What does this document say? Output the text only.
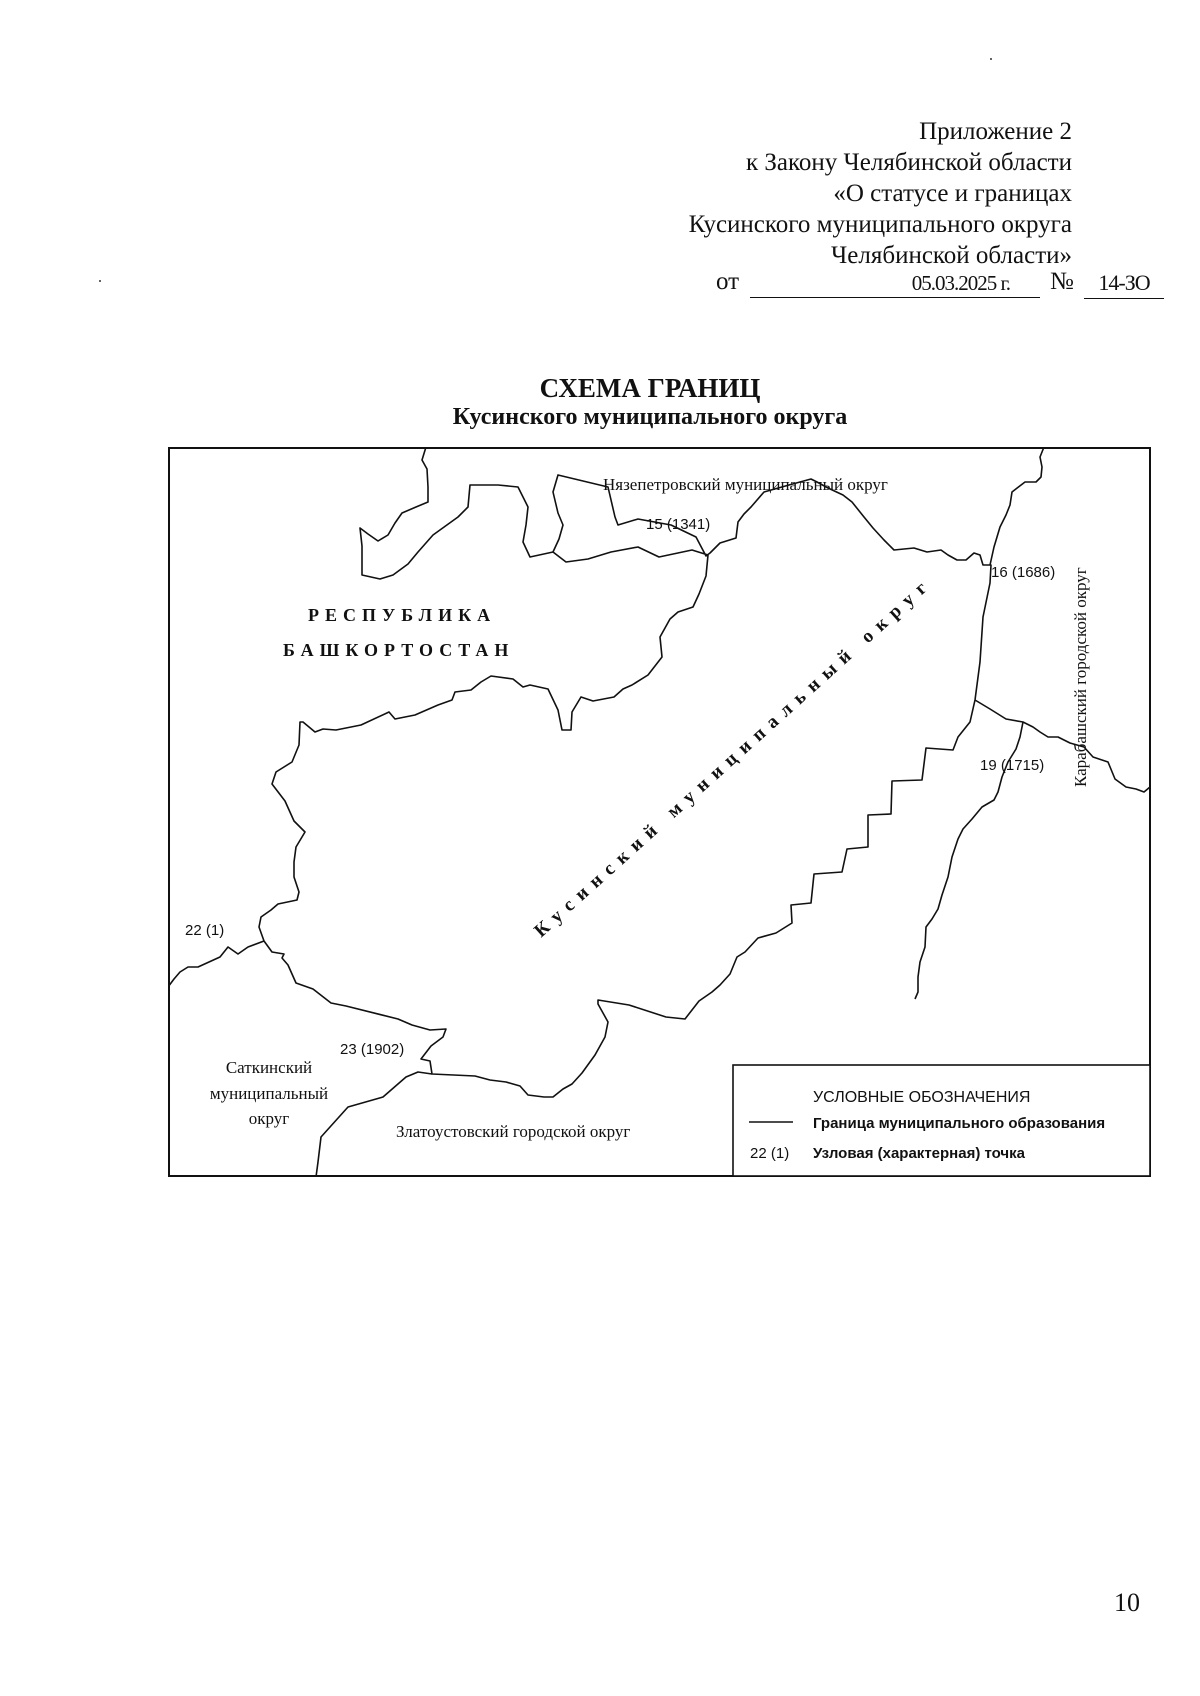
Приложение 2
к Закону Челябинской области
«О статусе и границах
Кусинского муниципального округа
Челябинской области»
от	05.03.2025 г.	№	14-ЗО
СХЕМА ГРАНИЦ
Кусинского муниципального округа
Нязепетровский муниципальный округ
РЕСПУБЛИКА
БАШКОРТОСТАН	Карабашский городской округ
Кусинский муниципальный округ
Саткинский
муниципальный
округ
Златоустовский городской округ
15 (1341)
16 (1686)
19 (1715)
22 (1)
23 (1902)
УСЛОВНЫЕ ОБОЗНАЧЕНИЯ
Граница муниципального образования
22 (1) Узловая (характерная) точка
10
